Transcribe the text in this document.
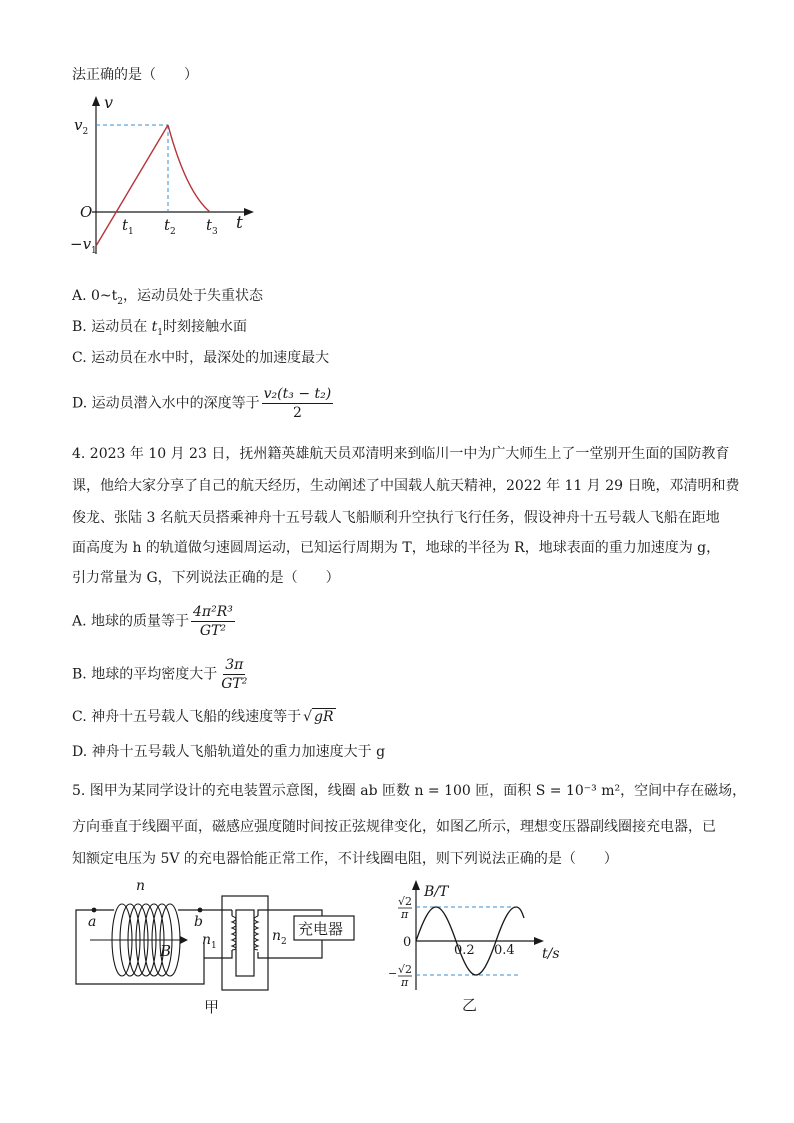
法正确的是（　　）
v
$v_2$
O
$-v_1$
$t_1$ $t_2$ $t_3$ t
A. $0\sim t_2$，运动员处于失重状态
B. 运动员在 $t_1$时刻接触水面
C. 运动员在水中时，最深处的加速度最大
D. 运动员潜入水中的深度等于 $\frac{\text{v₂(t₃ − t₂)}}{2}$
4. 2023 年 10 月 23 日，抚州籍英雄航天员邓清明来到临川一中为广大师生上了一堂别开生面的国防教育
课，他给大家分享了自己的航天经历，生动阐述了中国载人航天精神，2022 年 11 月 29 日晚，邓清明和费
俊龙、张陆 3 名航天员搭乘神舟十五号载人飞船顺利升空执行飞行任务，假设神舟十五号载人飞船在距地
面高度为 h 的轨道做匀速圆周运动，已知运行周期为 T，地球的半径为 R，地球表面的重力加速度为 g，
引力常量为 G，下列说法正确的是（　　）
A. 地球的质量等于 $\frac{\text{4π²R³}}{\text{GT²}}$
B. 地球的平均密度大于 $\frac{3\pi}{\text{GT²}}$
C. 神舟十五号载人飞船的线速度等于 √ gR
D. 神舟十五号载人飞船轨道处的重力加速度大于 g
5. 图甲为某同学设计的充电装置示意图，线圈 ab 匝数 n = 100 匝，面积 S = 10⁻³ m²，空间中存在磁场，
方向垂直于线圈平面，磁感应强度随时间按正弦规律变化，如图乙所示，理想变压器副线圈接充电器，已
知额定电压为 5V 的充电器恰能正常工作，不计线圈电阻，则下列说法正确的是（　　）
充电器
n
a	b
B
$n_1$
$n_2$
甲
B/T
√2
π
0
0.2 0.4 t/s
− √2
π
乙
